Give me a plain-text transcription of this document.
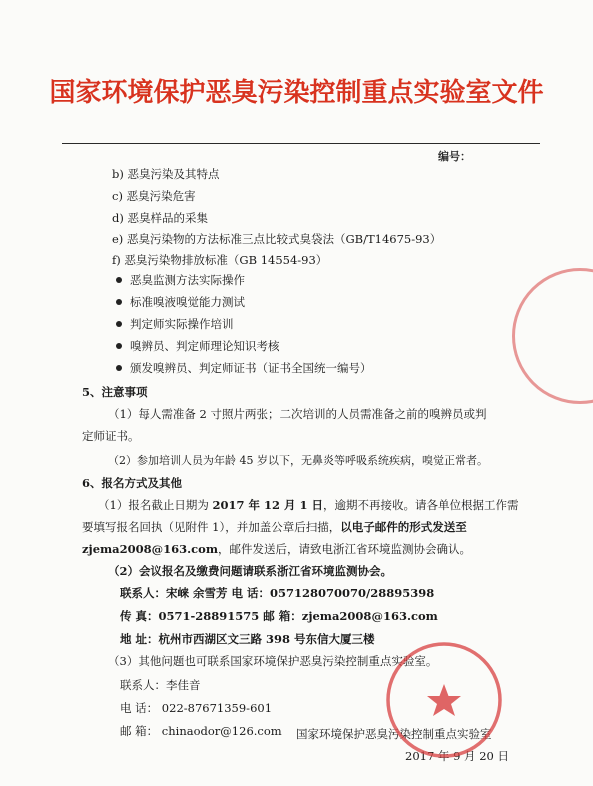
国家环境保护恶臭污染控制重点实验室文件
编号：
b) 恶臭污染及其特点
c) 恶臭污染危害
d) 恶臭样品的采集
e) 恶臭污染物的方法标准三点比较式臭袋法（GB/T14675-93）
f) 恶臭污染物排放标准（GB 14554-93）
恶臭监测方法实际操作
标准嗅液嗅觉能力测试
判定师实际操作培训
嗅辨员、判定师理论知识考核
颁发嗅辨员、判定师证书（证书全国统一编号）
5、注意事项
（1）每人需准备 2 寸照片两张；二次培训的人员需准备之前的嗅辨员或判
定师证书。
（2）参加培训人员为年龄 45 岁以下，无鼻炎等呼吸系统疾病，嗅觉正常者。
6、报名方式及其他
（1）报名截止日期为 2017 年 12 月 1 日，逾期不再接收。请各单位根据工作需
要填写报名回执（见附件 1），并加盖公章后扫描，以电子邮件的形式发送至
zjema2008@163.com，邮件发送后，请致电浙江省环境监测协会确认。
（2）会议报名及缴费问题请联系浙江省环境监测协会。
联系人：宋崃 余雪芳 电 话：057128070070/28895398
传 真：0571-28891575 邮 箱：zjema2008@163.com
地 址：杭州市西湖区文三路 398 号东信大厦三楼
（3）其他问题也可联系国家环境保护恶臭污染控制重点实验室。
联系人：李佳音
电 话： 022-87671359-601
邮 箱： chinaodor@126.com 国家环境保护恶臭污染控制重点实验室
2017 年 9 月 20 日
